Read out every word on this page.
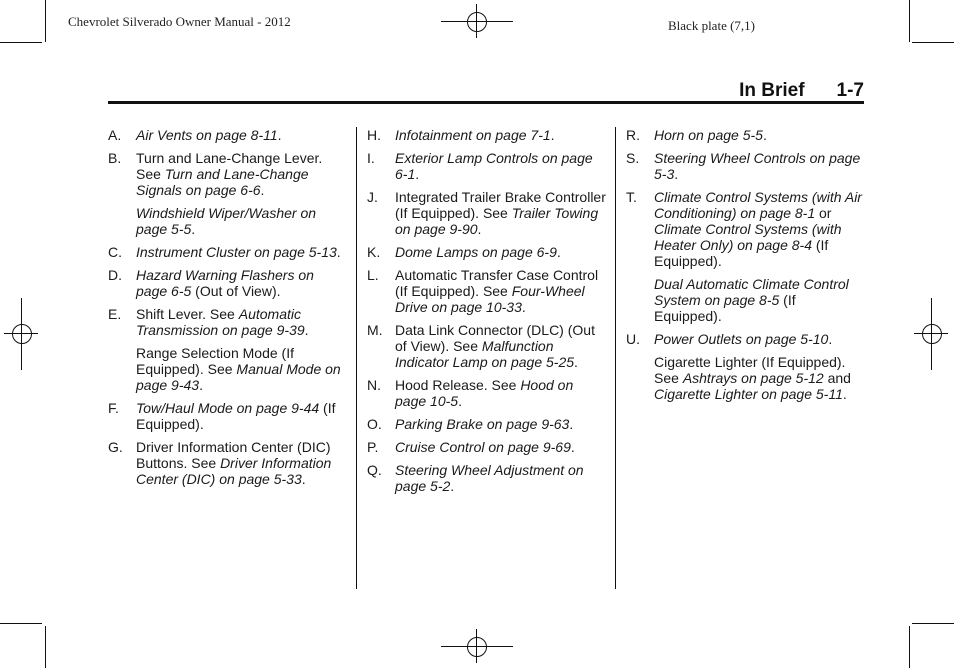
Chevrolet Silverado Owner Manual - 2012	Black plate (7,1)
In Brief 1-7
A.	Air Vents on page 8-11.
B.	Turn and Lane-Change Lever. See Turn and Lane-Change Signals on page 6-6.
Windshield Wiper/Washer on page 5-5.
C.	Instrument Cluster on page 5-13.
D.	Hazard Warning Flashers on page 6-5 (Out of View).
E.	Shift Lever. See Automatic Transmission on page 9-39.
Range Selection Mode (If Equipped). See Manual Mode on page 9-43.
F.	Tow/Haul Mode on page 9-44 (If Equipped).
G. Driver Information Center (DIC) Buttons. See Driver Information Center (DIC) on page 5-33.
H.	Infotainment on page 7-1.
I.	Exterior Lamp Controls on page 6-1.
J.	Integrated Trailer Brake Controller (If Equipped). See Trailer Towing on page 9-90.
K.	Dome Lamps on page 6-9.
L.	Automatic Transfer Case Control (If Equipped). See Four-Wheel Drive on page 10-33.
M. Data Link Connector (DLC) (Out of View). See Malfunction Indicator Lamp on page 5-25.
N.	Hood Release. See Hood on page 10-5.
O. Parking Brake on page 9-63.
P.	Cruise Control on page 9-69.
Q. Steering Wheel Adjustment on page 5-2.
R.	Horn on page 5-5.
S.	Steering Wheel Controls on page 5-3.
T.	Climate Control Systems (with Air Conditioning) on page 8-1 or Climate Control Systems (with Heater Only) on page 8-4 (If Equipped).
Dual Automatic Climate Control System on page 8-5 (If Equipped).
U.	Power Outlets on page 5-10.
Cigarette Lighter (If Equipped). See Ashtrays on page 5-12 and Cigarette Lighter on page 5-11.
